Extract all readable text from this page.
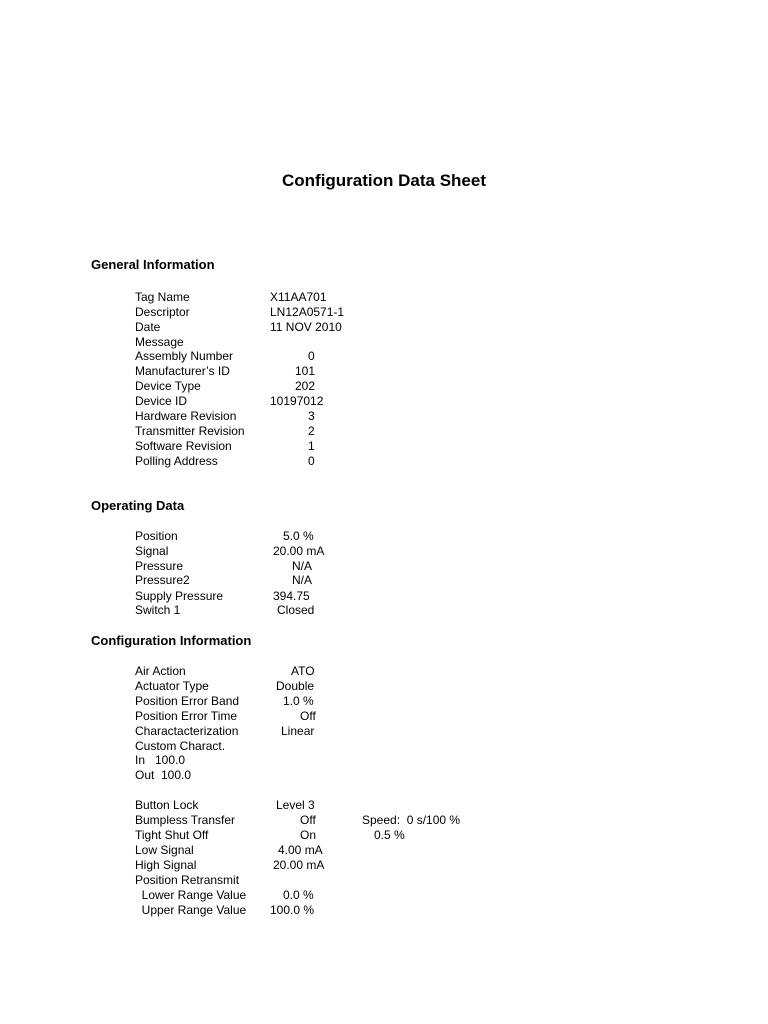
Configuration Data Sheet
General Information
Tag Name	X11AA701
Descriptor	LN12A0571-1
Date	11 NOV 2010
Message
Assembly Number	0
Manufacturer’s ID	101
Device Type	202
Device ID	10197012
Hardware Revision	3
Transmitter Revision	2
Software Revision	1
Polling Address	0
Operating Data
Position	5.0 %
Signal	20.00 mA
Pressure	N/A
Pressure2	N/A
Supply Pressure	394.75
Switch 1	Closed
Configuration Information
Air Action	ATO
Actuator Type	Double
Position Error Band	1.0 %
Position Error Time	Off
Charactacterization	Linear
Custom Charact.
In   100.0
Out  100.0
Button Lock	Level 3
Bumpless Transfer	Off	Speed:  0 s/100 %
Tight Shut Off	On	0.5 %
Low Signal	4.00 mA
High Signal	20.00 mA
Position Retransmit
Lower Range Value	0.0 %
Upper Range Value 100.0 %
